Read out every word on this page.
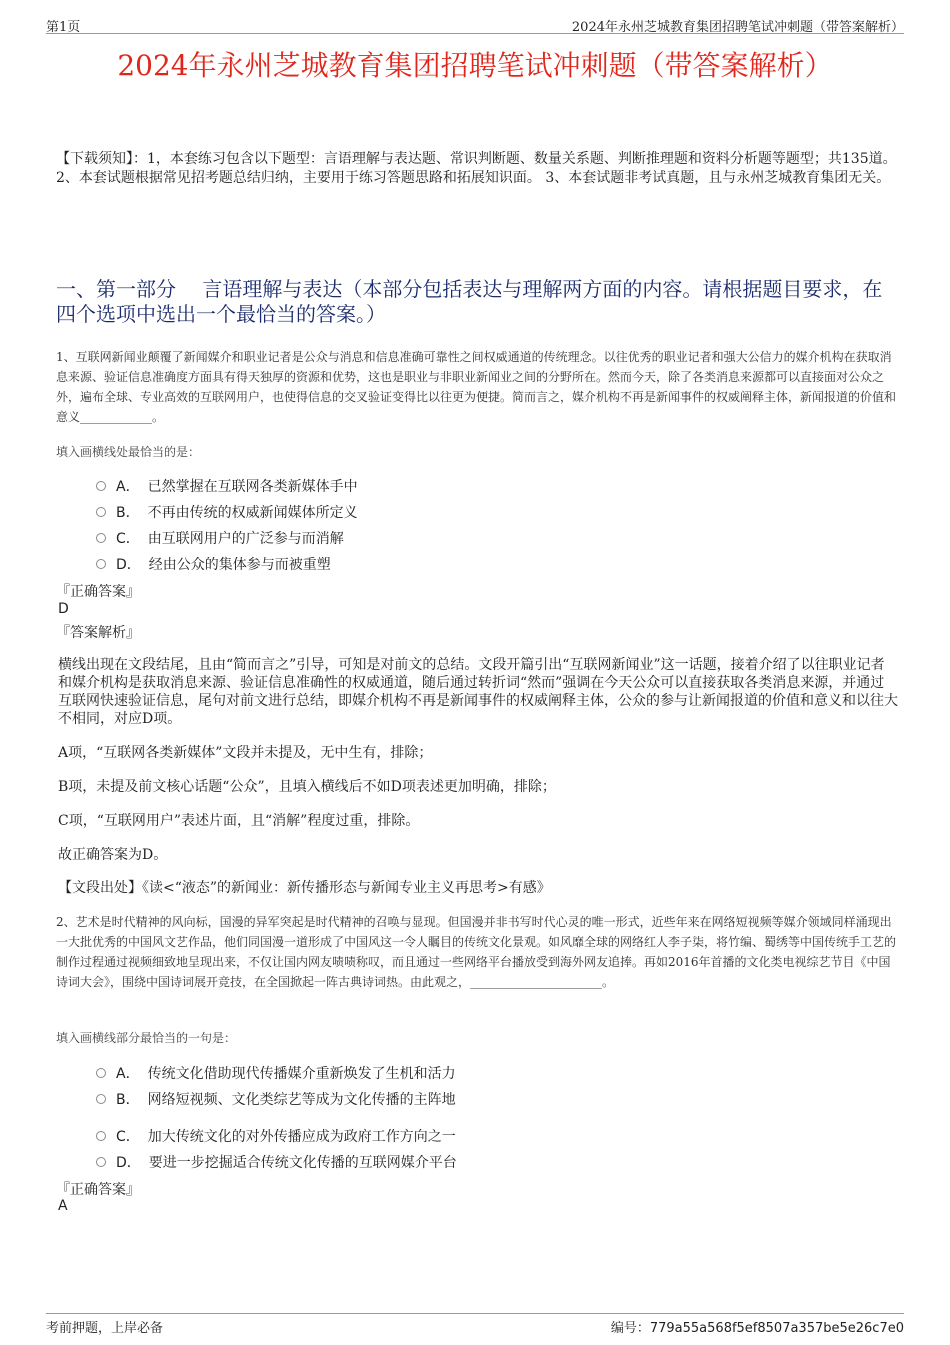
第1页	2024年永州芝城教育集团招聘笔试冲刺题（带答案解析）
2024年永州芝城教育集团招聘笔试冲刺题（带答案解析）
【下载须知】：1，本套练习包含以下题型：言语理解与表达题、常识判断题、数量关系题、判断推理题和资料分析题等题型；共135道。 2、本套试题根据常见招考题总结归纳，主要用于练习答题思路和拓展知识面。 3、本套试题非考试真题，且与永州芝城教育集团无关。
一、第一部分　 言语理解与表达（本部分包括表达与理解两方面的内容。请根据题目要求，在四个选项中选出一个最恰当的答案。）
1、互联网新闻业颠覆了新闻媒介和职业记者是公众与消息和信息准确可靠性之间权威通道的传统理念。以往优秀的职业记者和强大公信力的媒介机构在获取消息来源、验证信息准确度方面具有得天独厚的资源和优势，这也是职业与非职业新闻业之间的分野所在。然而今天，除了各类消息来源都可以直接面对公众之外，遍布全球、专业高效的互联网用户，也使得信息的交叉验证变得比以往更为便捷。简而言之，媒介机构不再是新闻事件的权威阐释主体，新闻报道的价值和意义____________。
填入画横线处最恰当的是：
A． 已然掌握在互联网各类新媒体手中
B． 不再由传统的权威新闻媒体所定义
C． 由互联网用户的广泛参与而消解
D． 经由公众的集体参与而被重塑
『正确答案』
D
『答案解析』
横线出现在文段结尾，且由“简而言之”引导，可知是对前文的总结。文段开篇引出“互联网新闻业”这一话题，接着介绍了以往职业记者和媒介机构是获取消息来源、验证信息准确性的权威通道，随后通过转折词“然而”强调在今天公众可以直接获取各类消息来源，并通过互联网快速验证信息，尾句对前文进行总结，即媒介机构不再是新闻事件的权威阐释主体，公众的参与让新闻报道的价值和意义和以往大不相同，对应D项。
A项，“互联网各类新媒体”文段并未提及，无中生有，排除；
B项，未提及前文核心话题“公众”，且填入横线后不如D项表述更加明确，排除；
C项，“互联网用户”表述片面，且“消解”程度过重，排除。
故正确答案为D。
【文段出处】《读<“液态”的新闻业：新传播形态与新闻专业主义再思考>有感》
2、艺术是时代精神的风向标，国漫的异军突起是时代精神的召唤与显现。但国漫并非书写时代心灵的唯一形式，近些年来在网络短视频等媒介领域同样涌现出一大批优秀的中国风文艺作品，他们同国漫一道形成了中国风这一令人瞩目的传统文化景观。如风靡全球的网络红人李子柒，将竹编、蜀绣等中国传统手工艺的制作过程通过视频细致地呈现出来，不仅让国内网友啧啧称叹，而且通过一些网络平台播放受到海外网友追捧。再如2016年首播的文化类电视综艺节目《中国诗词大会》，围绕中国诗词展开竞技，在全国掀起一阵古典诗词热。由此观之，______________________。
填入画横线部分最恰当的一句是：
A． 传统文化借助现代传播媒介重新焕发了生机和活力
B． 网络短视频、文化类综艺等成为文化传播的主阵地
C． 加大传统文化的对外传播应成为政府工作方向之一
D． 要进一步挖掘适合传统文化传播的互联网媒介平台
『正确答案』
A
考前押题，上岸必备	编号：779a55a568f5ef8507a357be5e26c7e0
